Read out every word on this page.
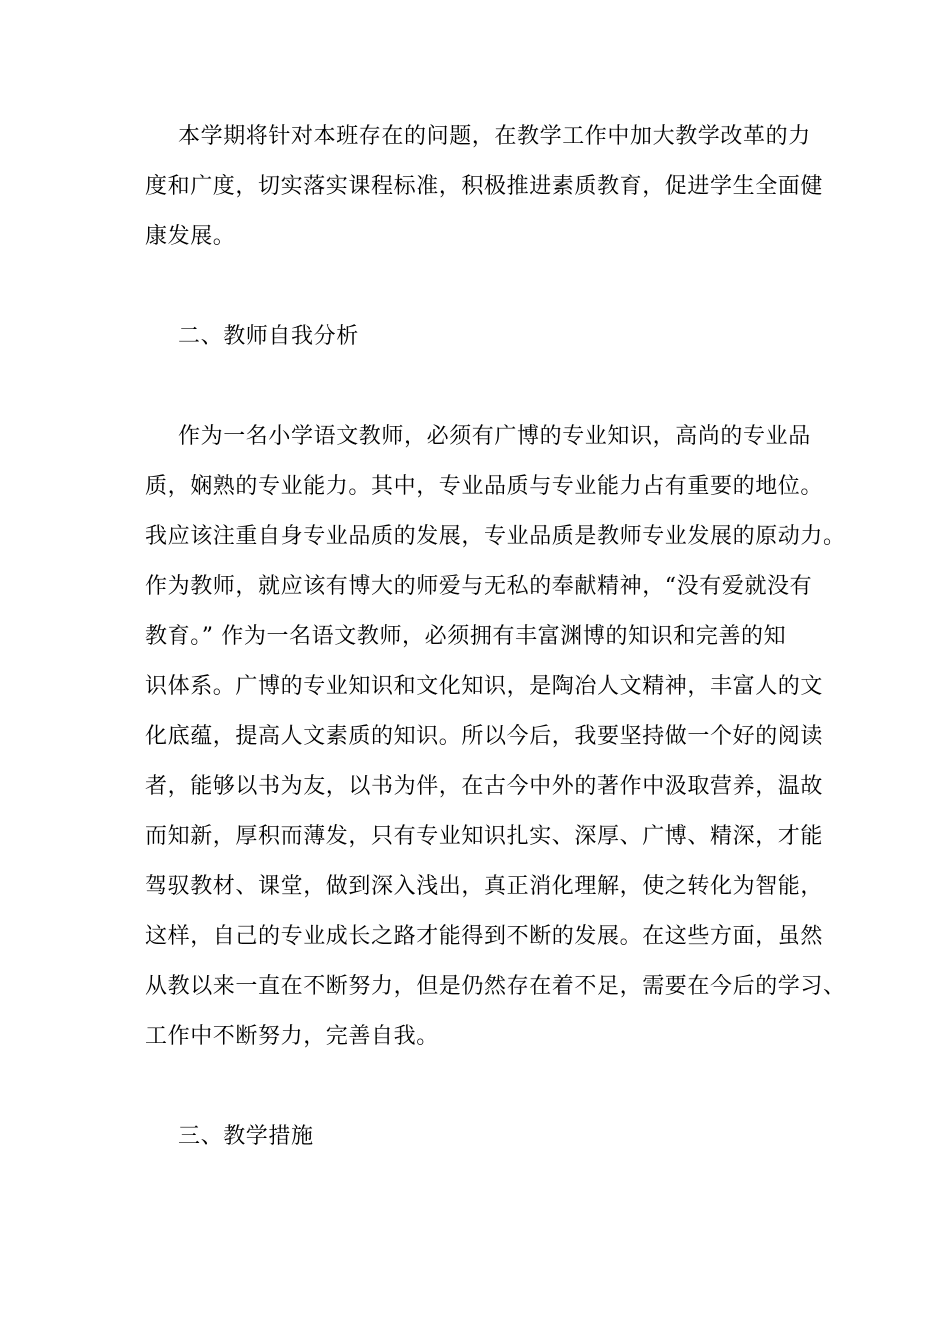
本学期将针对本班存在的问题，在教学工作中加大教学改革的力
度和广度，切实落实课程标准，积极推进素质教育，促进学生全面健
康发展。
二、教师自我分析
作为一名小学语文教师，必须有广博的专业知识，高尚的专业品
质，娴熟的专业能力。其中，专业品质与专业能力占有重要的地位。
我应该注重自身专业品质的发展，专业品质是教师专业发展的原动力。
作为教师，就应该有博大的师爱与无私的奉献精神，“没有爱就没有
教育。” 作为一名语文教师，必须拥有丰富渊博的知识和完善的知
识体系。广博的专业知识和文化知识，是陶冶人文精神，丰富人的文
化底蕴，提高人文素质的知识。所以今后，我要坚持做一个好的阅读
者，能够以书为友，以书为伴，在古今中外的著作中汲取营养，温故
而知新，厚积而薄发，只有专业知识扎实、深厚、广博、精深，才能
驾驭教材、课堂，做到深入浅出，真正消化理解，使之转化为智能，
这样，自己的专业成长之路才能得到不断的发展。在这些方面，虽然
从教以来一直在不断努力，但是仍然存在着不足，需要在今后的学习、
工作中不断努力，完善自我。
三、教学措施
